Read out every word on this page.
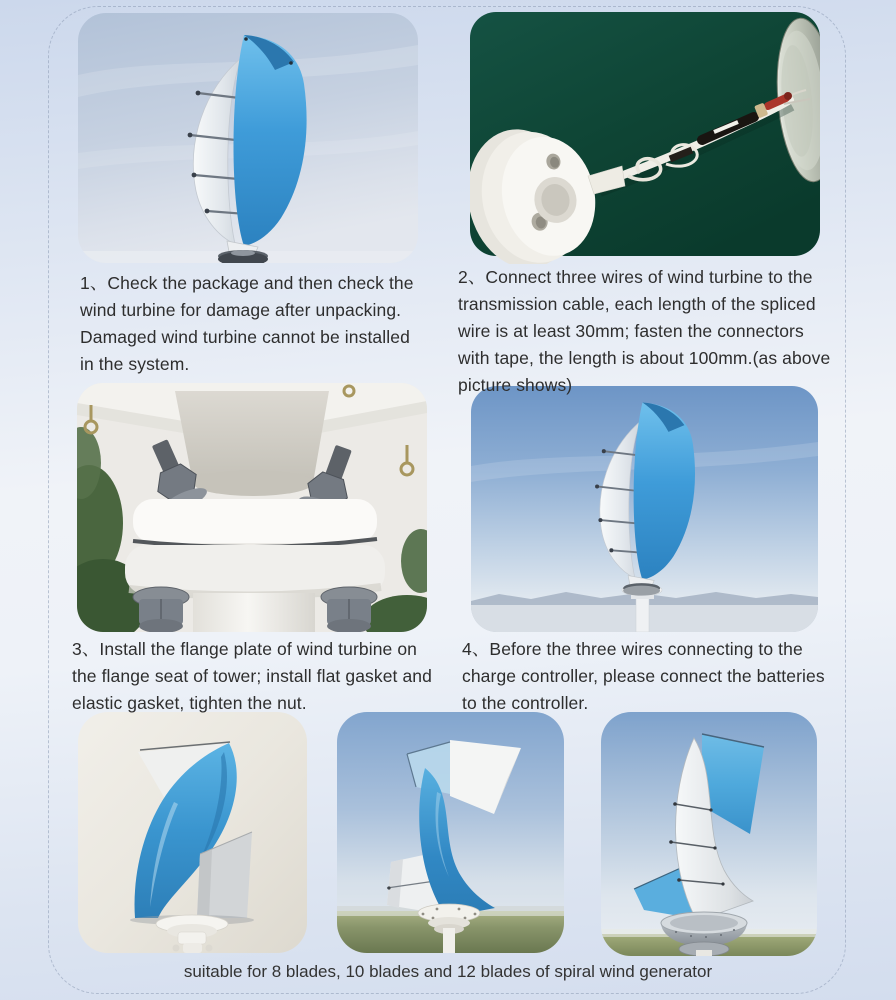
1、Check the package and then check the
wind turbine for damage after unpacking.
Damaged wind turbine cannot be installed
in the system.
2、Connect three wires of wind turbine to the
transmission cable, each length of the spliced
wire is at least 30mm; fasten the connectors
with tape, the length is about 100mm.(as above
picture shows)
3、Install the flange plate of wind turbine on
the flange seat of tower; install flat gasket and
elastic gasket, tighten the nut.
4、Before the three wires connecting to the
charge controller, please connect the batteries
to the controller.
suitable for 8 blades, 10 blades and 12 blades of spiral wind generator
